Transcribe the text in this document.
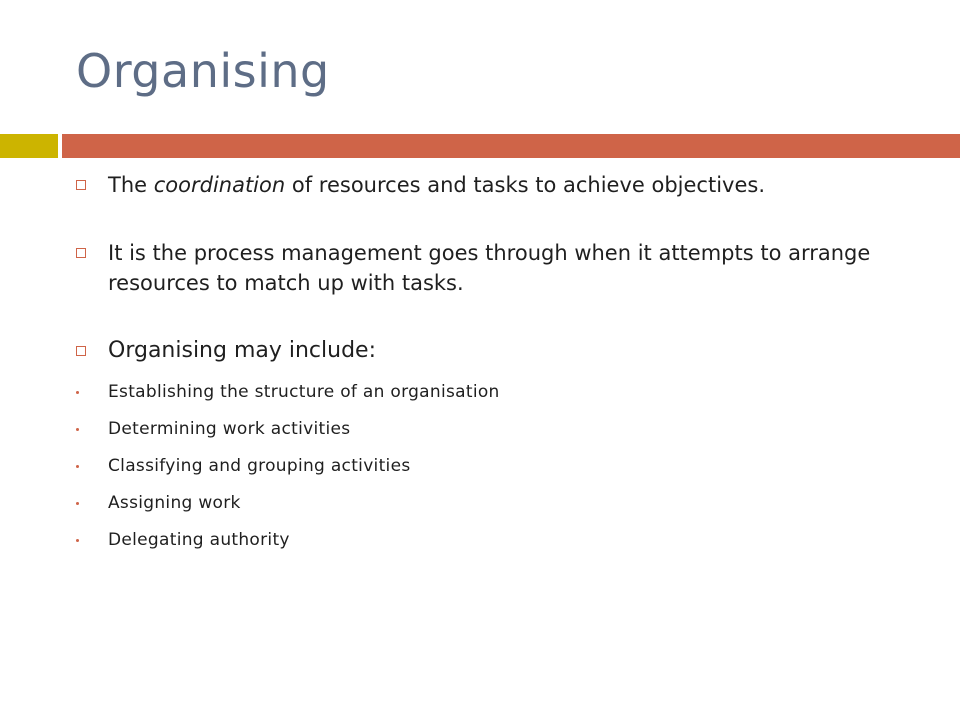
Organising
The coordination of resources and tasks to achieve objectives.
It is the process management goes through when it attempts to arrange resources to match up with tasks.
Organising may include:
Establishing the structure of an organisation
Determining work activities
Classifying and grouping activities
Assigning work
Delegating authority
